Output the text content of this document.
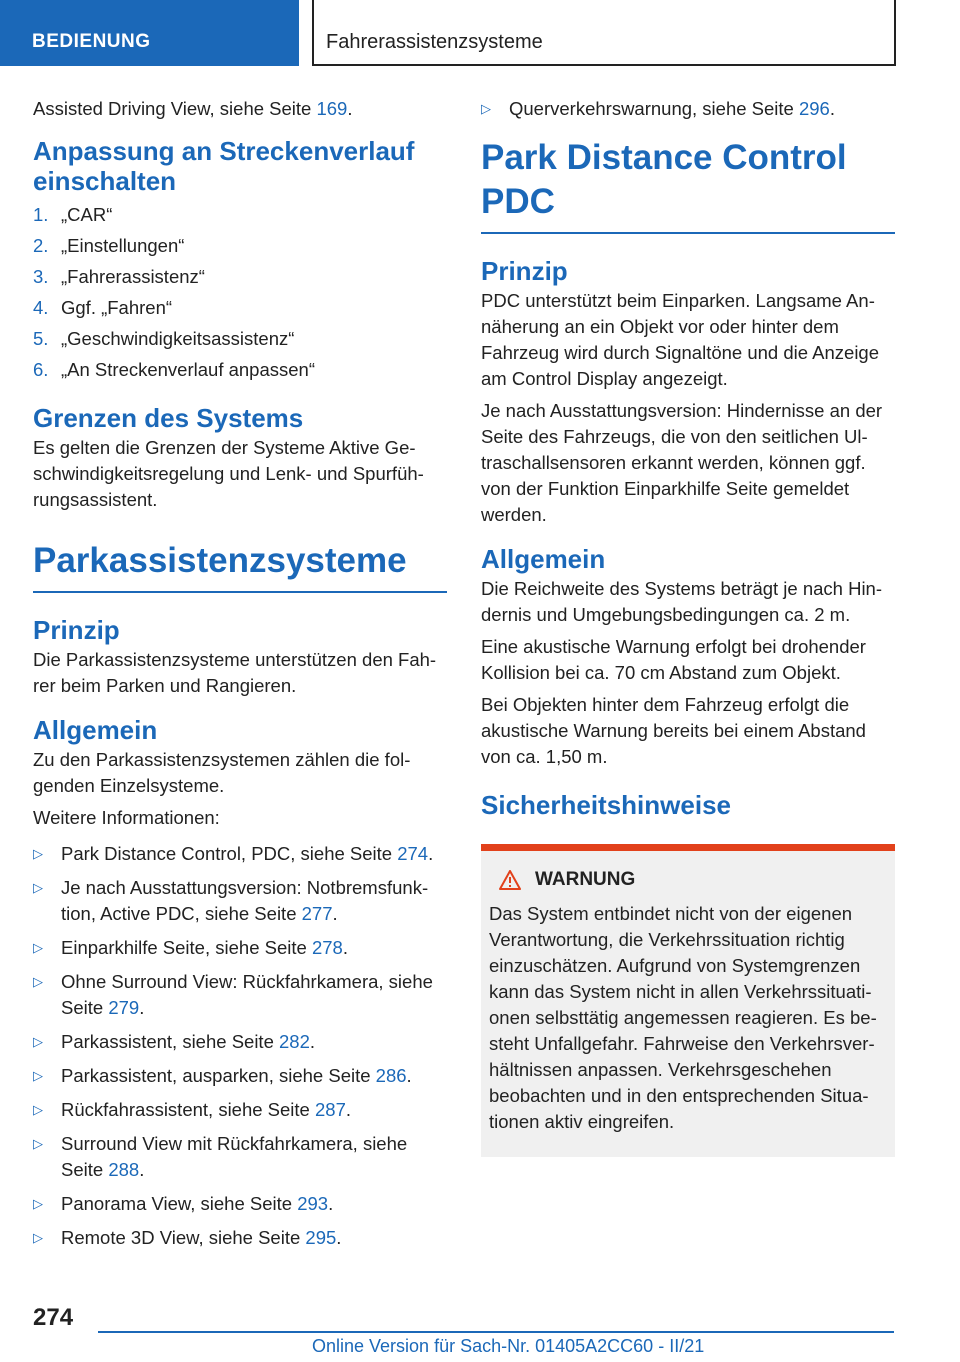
BEDIENUNG	Fahrerassistenzsysteme

Assisted Driving View, siehe Seite 169.

Anpassung an Streckenverlauf einschalten
1. „CAR“
2. „Einstellungen“
3. „Fahrerassistenz“
4. Ggf. „Fahren“
5. „Geschwindigkeitsassistenz“
6. „An Streckenverlauf anpassen“
Grenzen des Systems

Es gelten die Grenzen der Systeme Aktive Geschwindigkeitsregelung und Lenk- und Spurführungsassistent.

Parkassistenzsysteme
Prinzip

Die Parkassistenzsysteme unterstützen den Fahrer beim Parken und Rangieren.

Allgemein

Zu den Parkassistenzsystemen zählen die folgenden Einzelsysteme.

Weitere Informationen:

▷ Park Distance Control, PDC, siehe Seite 274.
▷ Je nach Ausstattungsversion: Notbremsfunktion, Active PDC, siehe Seite 277.
▷ Einparkhilfe Seite, siehe Seite 278.
▷ Ohne Surround View: Rückfahrkamera, siehe Seite 279.
▷ Parkassistent, siehe Seite 282.
▷ Parkassistent, ausparken, siehe Seite 286.
▷ Rückfahrassistent, siehe Seite 287.
▷ Surround View mit Rückfahrkamera, siehe Seite 288.
▷ Panorama View, siehe Seite 293.
▷ Remote 3D View, siehe Seite 295.
▷ Querverkehrswarnung, siehe Seite 296.
Park Distance Control PDC
Prinzip

PDC unterstützt beim Einparken. Langsame Annäherung an ein Objekt vor oder hinter dem Fahrzeug wird durch Signaltöne und die Anzeige am Control Display angezeigt.

Je nach Ausstattungsversion: Hindernisse an der Seite des Fahrzeugs, die von den seitlichen Ultraschallsensoren erkannt werden, können ggf. von der Funktion Einparkhilfe Seite gemeldet werden.

Allgemein

Die Reichweite des Systems beträgt je nach Hindernis und Umgebungsbedingungen ca. 2 m.

Eine akustische Warnung erfolgt bei drohender Kollision bei ca. 70 cm Abstand zum Objekt.

Bei Objekten hinter dem Fahrzeug erfolgt die akustische Warnung bereits bei einem Abstand von ca. 1,50 m.

Sicherheitshinweise
WARNUNG

Das System entbindet nicht von der eigenen Verantwortung, die Verkehrssituation richtig einzuschätzen. Aufgrund von Systemgrenzen kann das System nicht in allen Verkehrssituationen selbsttätig angemessen reagieren. Es besteht Unfallgefahr. Fahrweise den Verkehrsverhältnissen anpassen. Verkehrsgeschehen beobachten und in den entsprechenden Situationen aktiv eingreifen.

274
Online Version für Sach-Nr. 01405A2CC60 - II/21
